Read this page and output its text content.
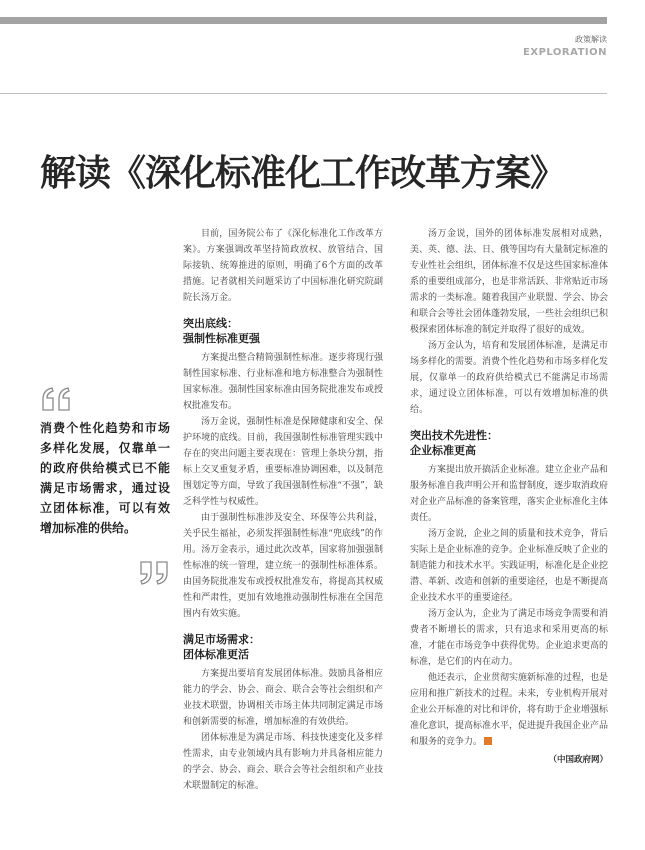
政策解读
EXPLORATION
解读《深化标准化工作改革方案》

消费个性化趋势和市场多样化发展，仅靠单一的政府供给模式已不能满足市场需求，通过设立团体标准，可以有效增加标准的供给。

目前，国务院公布了《深化标准化工作改革方案》。方案强调改革坚持简政放权、放管结合、国际接轨、统筹推进的原则，明确了6个方面的改革措施。记者就相关问题采访了中国标准化研究院副院长汤万金。

突出底线：
强制性标准更强

方案提出整合精简强制性标准。逐步将现行强制性国家标准、行业标准和地方标准整合为强制性国家标准。强制性国家标准由国务院批准发布或授权批准发布。

汤万金说，强制性标准是保障健康和安全、保护环境的底线。目前，我国强制性标准管理实践中存在的突出问题主要表现在：管理上条块分割，指标上交叉重复矛盾，重要标准协调困难，以及制范围划定等方面，导致了我国强制性标准“不强”，缺乏科学性与权威性。

由于强制性标准涉及安全、环保等公共利益，关乎民生福祉，必须发挥强制性标准“兜底线”的作用。汤万金表示，通过此次改革，国家将加强强制性标准的统一管理，建立统一的强制性标准体系。由国务院批准发布或授权批准发布，将提高其权威性和严肃性，更加有效地推动强制性标准在全国范围内有效实施。

满足市场需求：
团体标准更活

方案提出要培育发展团体标准。鼓励具备相应能力的学会、协会、商会、联合会等社会组织和产业技术联盟，协调相关市场主体共同制定满足市场和创新需要的标准，增加标准的有效供给。

团体标准是为满足市场、科技快速变化及多样性需求，由专业领域内具有影响力并具备相应能力的学会、协会、商会、联合会等社会组织和产业技术联盟制定的标准。

汤万金说，国外的团体标准发展相对成熟，美、英、德、法、日、俄等国均有大量制定标准的专业性社会组织，团体标准不仅是这些国家标准体系的重要组成部分，也是非常活跃、非常贴近市场需求的一类标准。随着我国产业联盟、学会、协会和联合会等社会团体蓬勃发展，一些社会组织已积极探索团体标准的制定并取得了很好的成效。

汤万金认为，培育和发展团体标准，是满足市场多样化的需要。消费个性化趋势和市场多样化发展，仅靠单一的政府供给模式已不能满足市场需求，通过设立团体标准，可以有效增加标准的供给。

突出技术先进性：
企业标准更高

方案提出放开搞活企业标准。建立企业产品和服务标准自我声明公开和监督制度，逐步取消政府对企业产品标准的备案管理，落实企业标准化主体责任。

汤万金说，企业之间的质量和技术竞争，背后实际上是企业标准的竞争。企业标准反映了企业的制造能力和技术水平。实践证明，标准化是企业挖潜、革新、改造和创新的重要途径，也是不断提高企业技术水平的重要途径。

汤万金认为，企业为了满足市场竞争需要和消费者不断增长的需求，只有追求和采用更高的标准，才能在市场竞争中获得优势。企业追求更高的标准，是它们的内在动力。

他还表示，企业贯彻实施新标准的过程，也是应用和推广新技术的过程。未来，专业机构开展对企业公开标准的对比和评价，将有助于企业增强标准化意识，提高标准水平，促进提升我国企业产品和服务的竞争力。

（中国政府网）
